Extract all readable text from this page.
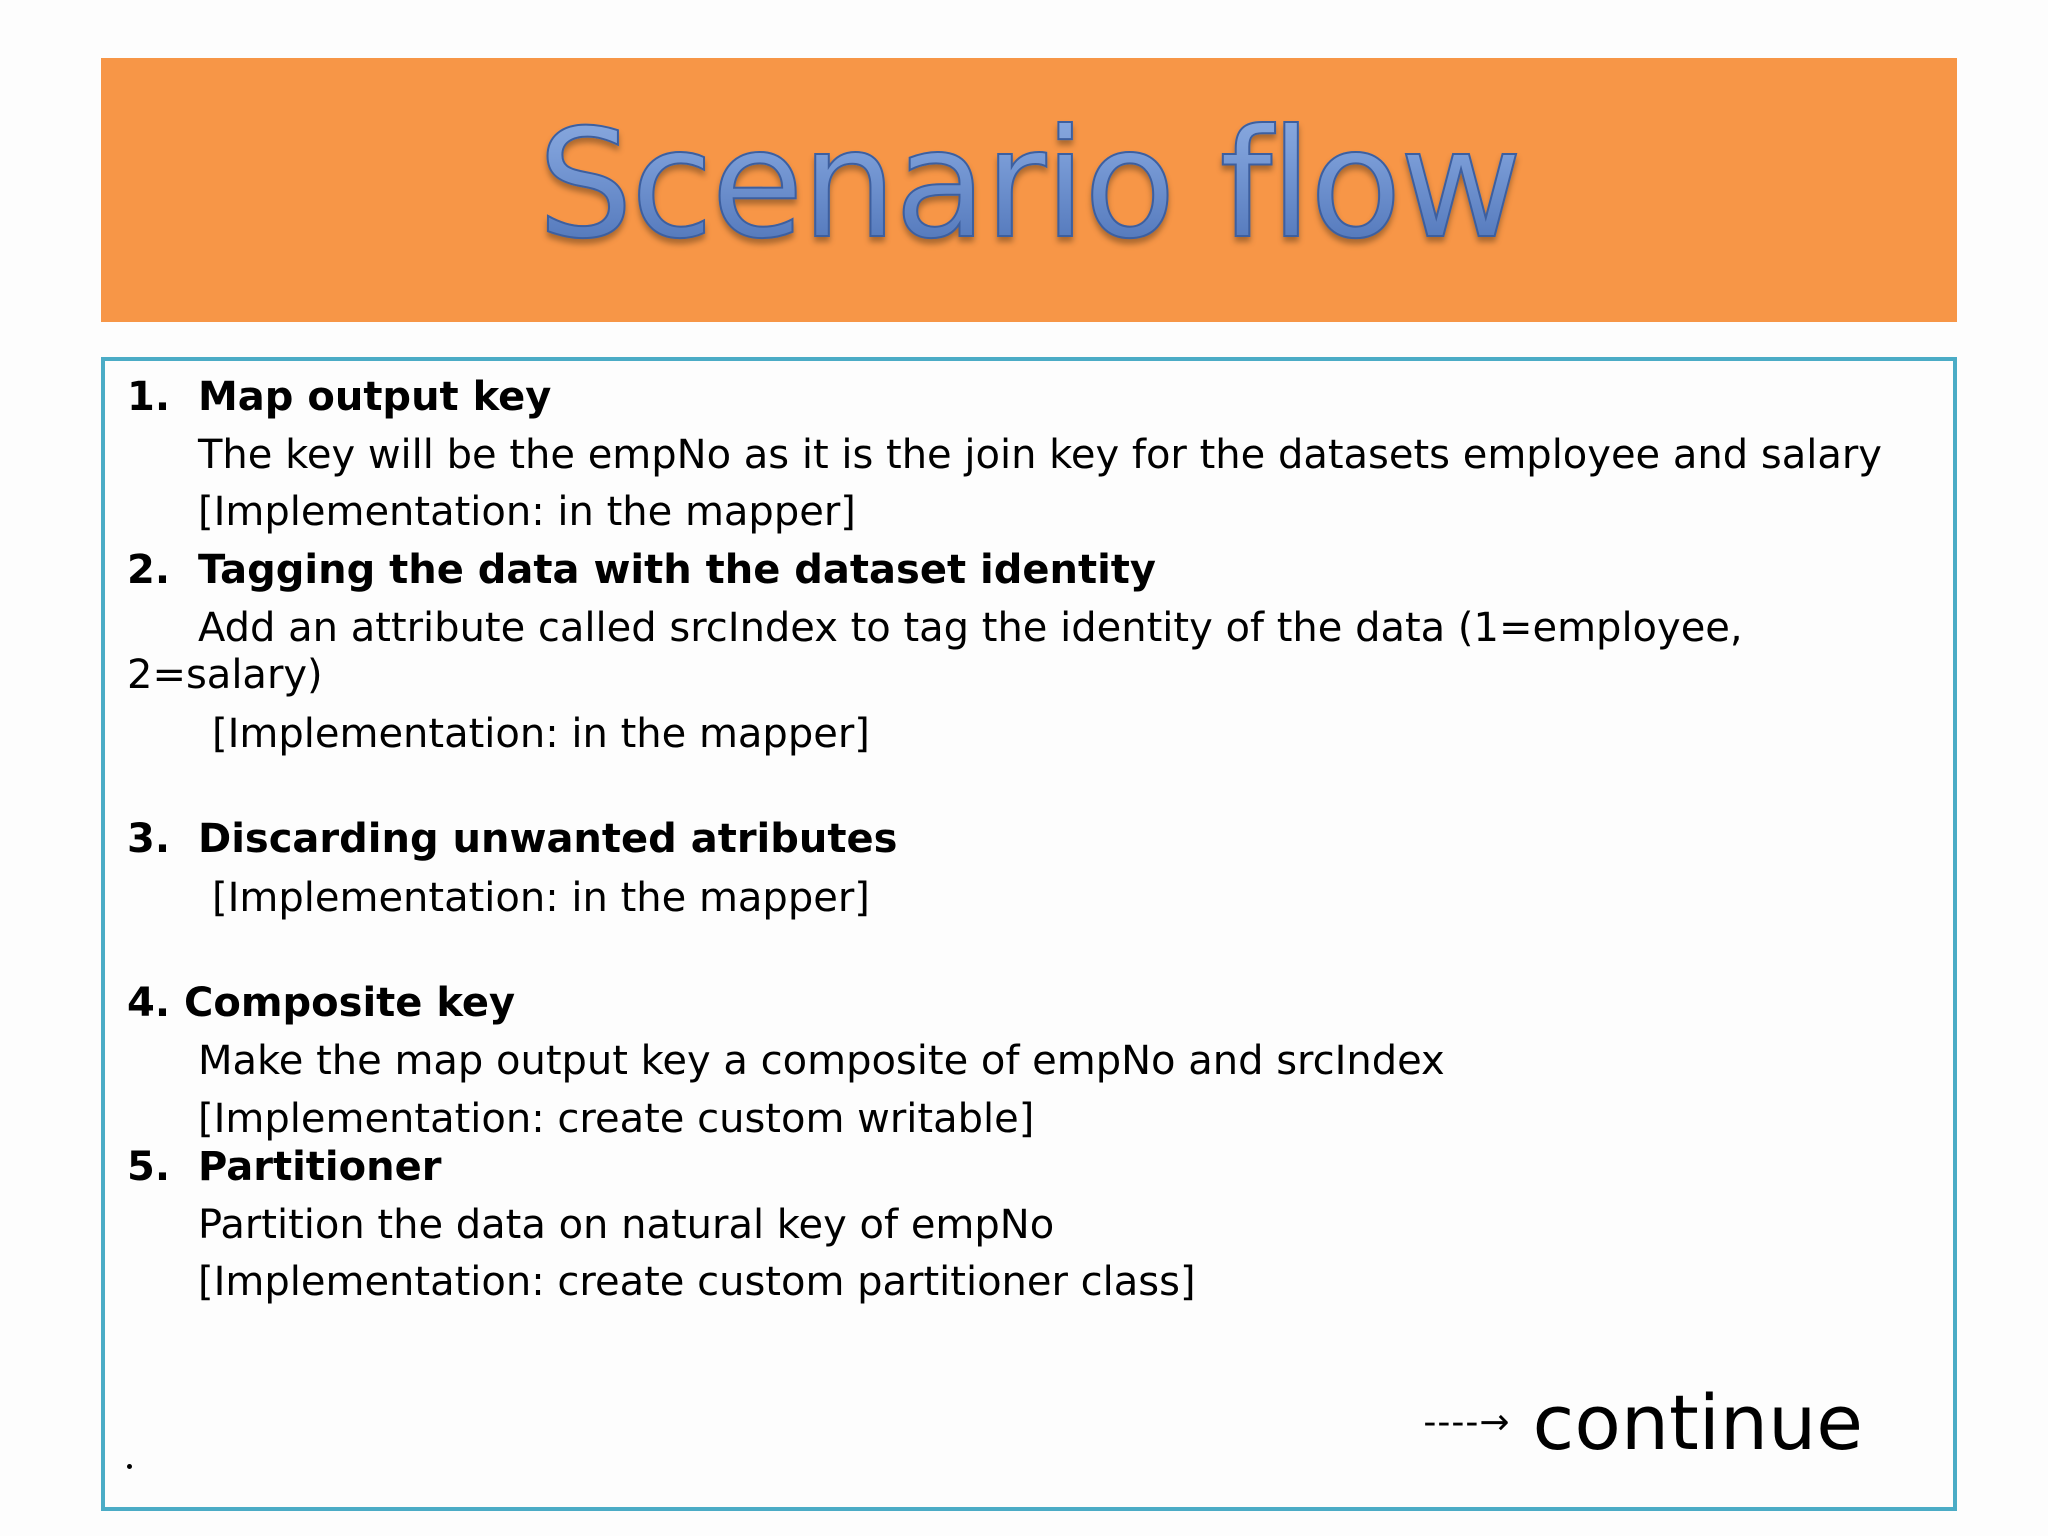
Scenario flow
1. Map output key
The key will be the empNo as it is the join key for the datasets employee and salary
[Implementation: in the mapper]
2. Tagging the data with the dataset identity
Add an attribute called srcIndex to tag the identity of the data (1=employee,
2=salary)
[Implementation: in the mapper]
3. Discarding unwanted atributes
[Implementation: in the mapper]
4. Composite key
Make the map output key a composite of empNo and srcIndex
[Implementation: create custom writable]
5. Partitioner
Partition the data on natural key of empNo
[Implementation: create custom partitioner class]
----→ continue
